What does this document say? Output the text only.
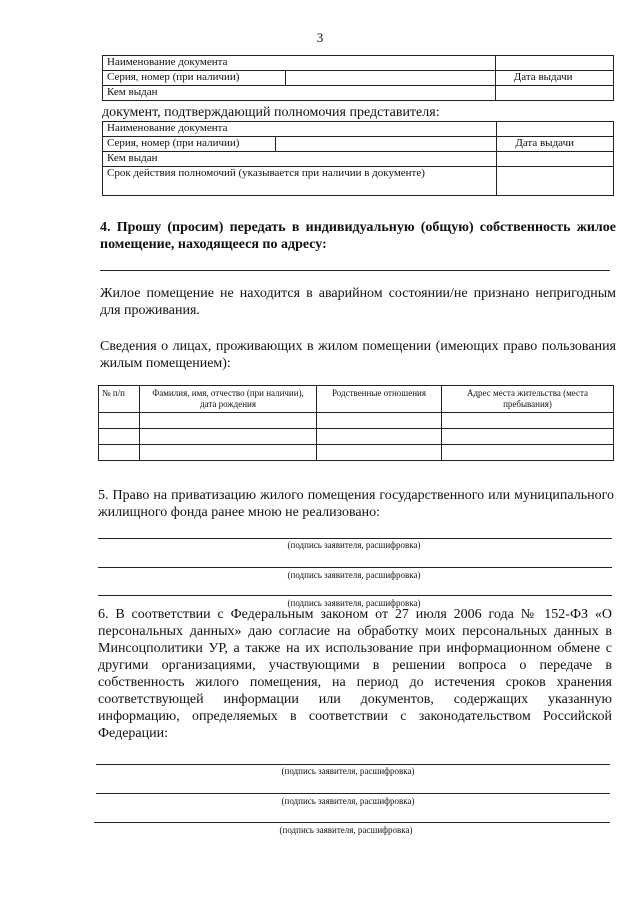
3
Наименование документа		
Серия, номер (при наличии)		Дата выдачи
Кем выдан		
документ, подтверждающий полномочия представителя:
Наименование документа		
Серия, номер (при наличии)		Дата выдачи
Кем выдан		
Срок действия полномочий (указывается при наличии в документе)		
4. Прошу (просим) передать в индивидуальную (общую) собственность жилое помещение, находящееся по адресу:
Жилое помещение не находится в аварийном состоянии/не признано непригодным для проживания.
Сведения о лицах, проживающих в жилом помещении (имеющих право пользования жилым помещением):
№ п/п	Фамилия, имя, отчество (при наличии), дата рождения	Родственные отношения	Адрес места жительства (места пребывания)

5. Право на приватизацию жилого помещения государственного или муниципального жилищного фонда ранее мною не реализовано:
(подпись заявителя, расшифровка)
(подпись заявителя, расшифровка)
(подпись заявителя, расшифровка)
6. В соответствии с Федеральным законом от 27 июля 2006 года № 152-ФЗ «О персональных данных» даю согласие на обработку моих персональных данных в Минсоцполитики УР, а также на их использование при информационном обмене с другими организациями, участвующими в решении вопроса о передаче в собственность жилого помещения, на период до истечения сроков хранения соответствующей информации или документов, содержащих указанную информацию, определяемых в соответствии с законодательством Российской Федерации:
(подпись заявителя, расшифровка)
(подпись заявителя, расшифровка)
(подпись заявителя, расшифровка)
